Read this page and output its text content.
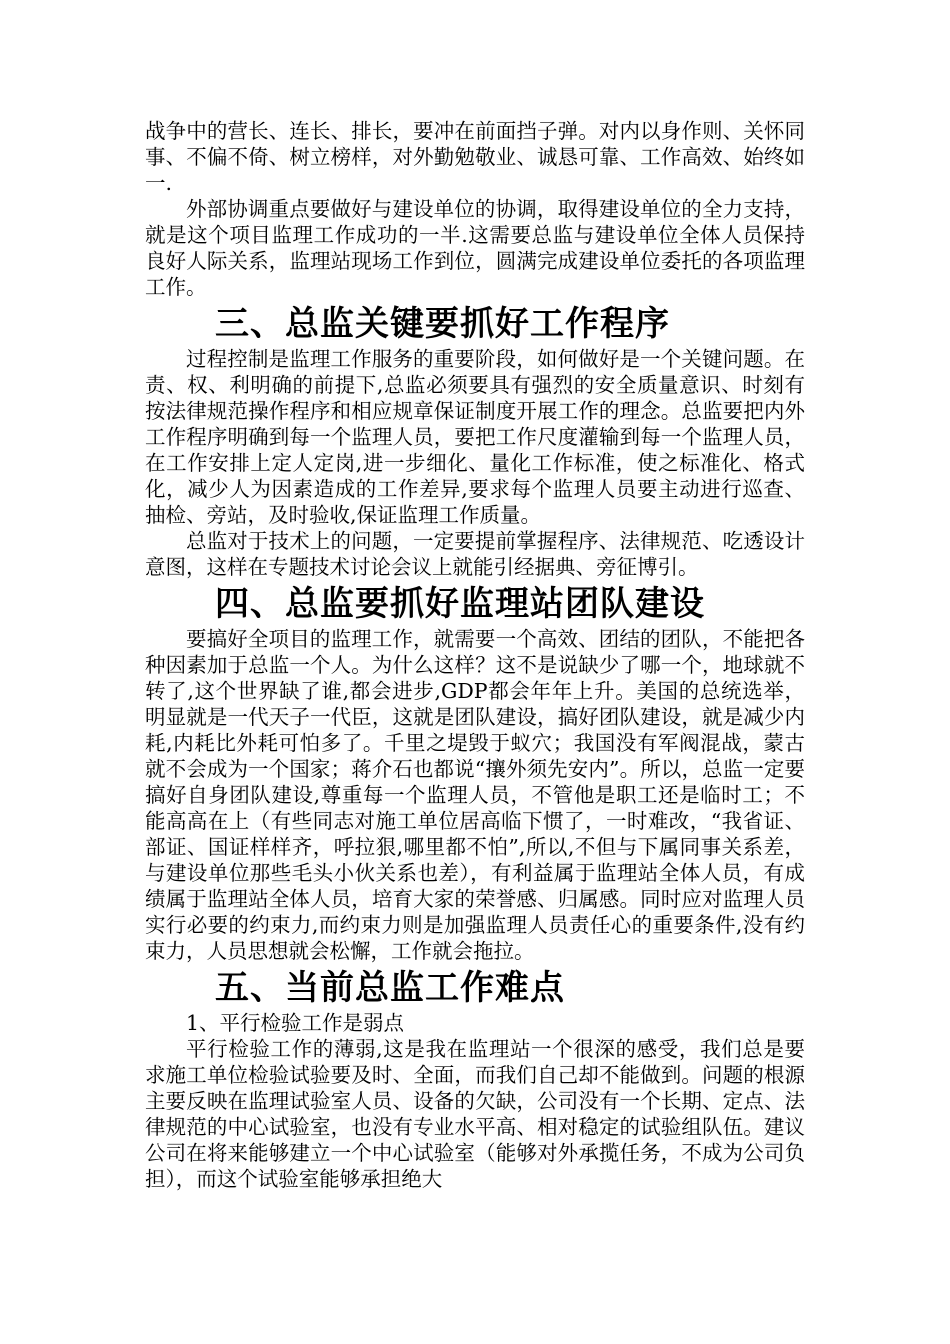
战争中的营长、连长、排长，要冲在前面挡子弹。对内以身作则、关怀同事、不偏不倚、树立榜样，对外勤勉敬业、诚恳可靠、工作高效、始终如一.

外部协调重点要做好与建设单位的协调，取得建设单位的全力支持，就是这个项目监理工作成功的一半.这需要总监与建设单位全体人员保持良好人际关系，监理站现场工作到位，圆满完成建设单位委托的各项监理工作。

三、总监关键要抓好工作程序

过程控制是监理工作服务的重要阶段，如何做好是一个关键问题。在责、权、利明确的前提下,总监必须要具有强烈的安全质量意识、时刻有按法律规范操作程序和相应规章保证制度开展工作的理念。总监要把内外工作程序明确到每一个监理人员，要把工作尺度灌输到每一个监理人员，在工作安排上定人定岗,进一步细化、量化工作标准，使之标准化、格式化，减少人为因素造成的工作差异,要求每个监理人员要主动进行巡查、抽检、旁站，及时验收,保证监理工作质量。

总监对于技术上的问题，一定要提前掌握程序、法律规范、吃透设计意图，这样在专题技术讨论会议上就能引经据典、旁征博引。

四、总监要抓好监理站团队建设

要搞好全项目的监理工作，就需要一个高效、团结的团队，不能把各种因素加于总监一个人。为什么这样？这不是说缺少了哪一个，地球就不转了,这个世界缺了谁,都会进步,GDP都会年年上升。美国的总统选举，明显就是一代天子一代臣，这就是团队建设，搞好团队建设，就是减少内耗,内耗比外耗可怕多了。千里之堤毁于蚁穴；我国没有军阀混战，蒙古就不会成为一个国家；蒋介石也都说“攘外须先安内”。所以，总监一定要搞好自身团队建设,尊重每一个监理人员，不管他是职工还是临时工；不能高高在上（有些同志对施工单位居高临下惯了，一时难改，“我省证、部证、国证样样齐，呼拉狠,哪里都不怕”,所以,不但与下属同事关系差，与建设单位那些毛头小伙关系也差），有利益属于监理站全体人员，有成绩属于监理站全体人员，培育大家的荣誉感、归属感。同时应对监理人员实行必要的约束力,而约束力则是加强监理人员责任心的重要条件,没有约束力，人员思想就会松懈，工作就会拖拉。

五、当前总监工作难点

1、平行检验工作是弱点

平行检验工作的薄弱,这是我在监理站一个很深的感受，我们总是要求施工单位检验试验要及时、全面，而我们自己却不能做到。问题的根源主要反映在监理试验室人员、设备的欠缺，公司没有一个长期、定点、法律规范的中心试验室，也没有专业水平高、相对稳定的试验组队伍。建议公司在将来能够建立一个中心试验室（能够对外承揽任务，不成为公司负担），而这个试验室能够承担绝大
